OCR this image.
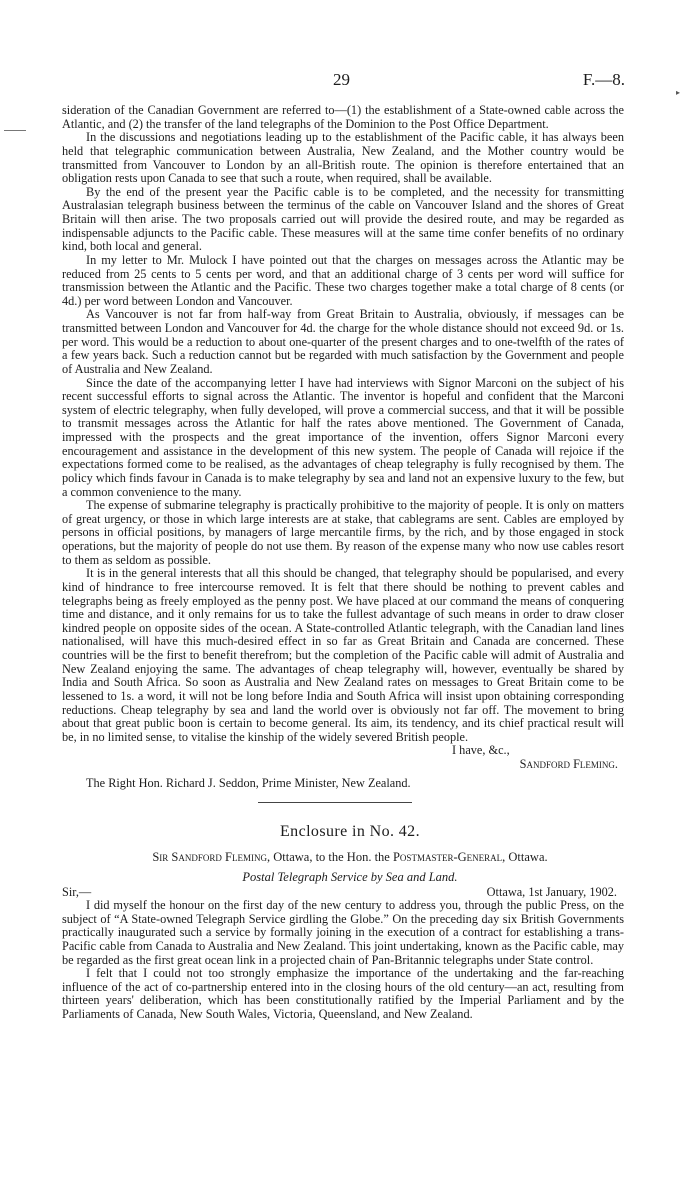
29	F.—8.
▸

sideration of the Canadian Government are referred to—(1) the establishment of a State-owned cable across the Atlantic, and (2) the transfer of the land telegraphs of the Dominion to the Post Office Department.

In the discussions and negotiations leading up to the establishment of the Pacific cable, it has always been held that telegraphic communication between Australia, New Zealand, and the Mother country would be transmitted from Vancouver to London by an all-British route. The opinion is therefore entertained that an obligation rests upon Canada to see that such a route, when required, shall be available.

By the end of the present year the Pacific cable is to be completed, and the necessity for transmitting Australasian telegraph business between the terminus of the cable on Vancouver Island and the shores of Great Britain will then arise. The two proposals carried out will provide the desired route, and may be regarded as indispensable adjuncts to the Pacific cable. These measures will at the same time confer benefits of no ordinary kind, both local and general.

In my letter to Mr. Mulock I have pointed out that the charges on messages across the Atlantic may be reduced from 25 cents to 5 cents per word, and that an additional charge of 3 cents per word will suffice for transmission between the Atlantic and the Pacific. These two charges together make a total charge of 8 cents (or 4d.) per word between London and Vancouver.

As Vancouver is not far from half-way from Great Britain to Australia, obviously, if messages can be transmitted between London and Vancouver for 4d. the charge for the whole distance should not exceed 9d. or 1s. per word. This would be a reduction to about one-quarter of the present charges and to one-twelfth of the rates of a few years back. Such a reduction cannot but be regarded with much satisfaction by the Government and people of Australia and New Zealand.

Since the date of the accompanying letter I have had interviews with Signor Marconi on the subject of his recent successful efforts to signal across the Atlantic. The inventor is hopeful and confident that the Marconi system of electric telegraphy, when fully developed, will prove a commercial success, and that it will be possible to transmit messages across the Atlantic for half the rates above mentioned. The Government of Canada, impressed with the prospects and the great importance of the invention, offers Signor Marconi every encouragement and assistance in the development of this new system. The people of Canada will rejoice if the expectations formed come to be realised, as the advantages of cheap telegraphy is fully recognised by them. The policy which finds favour in Canada is to make telegraphy by sea and land not an expensive luxury to the few, but a common convenience to the many.

The expense of submarine telegraphy is practically prohibitive to the majority of people. It is only on matters of great urgency, or those in which large interests are at stake, that cablegrams are sent. Cables are employed by persons in official positions, by managers of large mercantile firms, by the rich, and by those engaged in stock operations, but the majority of people do not use them. By reason of the expense many who now use cables resort to them as seldom as possible.

It is in the general interests that all this should be changed, that telegraphy should be popularised, and every kind of hindrance to free intercourse removed. It is felt that there should be nothing to prevent cables and telegraphs being as freely employed as the penny post. We have placed at our command the means of conquering time and distance, and it only remains for us to take the fullest advantage of such means in order to draw closer kindred people on opposite sides of the ocean. A State-controlled Atlantic telegraph, with the Canadian land lines nationalised, will have this much-desired effect in so far as Great Britain and Canada are concerned. These countries will be the first to benefit therefrom; but the completion of the Pacific cable will admit of Australia and New Zealand enjoying the same. The advantages of cheap telegraphy will, however, eventually be shared by India and South Africa. So soon as Australia and New Zealand rates on messages to Great Britain come to be lessened to 1s. a word, it will not be long before India and South Africa will insist upon obtaining corresponding reductions. Cheap telegraphy by sea and land the world over is obviously not far off. The movement to bring about that great public boon is certain to become general. Its aim, its tendency, and its chief practical result will be, in no limited sense, to vitalise the kinship of the widely severed British people.

I have, &c.,
Sandford Fleming.

The Right Hon. Richard J. Seddon, Prime Minister, New Zealand.

Enclosure in No. 42.
Sir Sandford Fleming, Ottawa, to the Hon. the Postmaster-General, Ottawa.
Postal Telegraph Service by Sea and Land.
Sir,—	Ottawa, 1st January, 1902.

I did myself the honour on the first day of the new century to address you, through the public Press, on the subject of “A State-owned Telegraph Service girdling the Globe.” On the preceding day six British Governments practically inaugurated such a service by formally joining in the execution of a contract for establishing a trans-Pacific cable from Canada to Australia and New Zealand. This joint undertaking, known as the Pacific cable, may be regarded as the first great ocean link in a projected chain of Pan-Britannic telegraphs under State control.

I felt that I could not too strongly emphasize the importance of the undertaking and the far-reaching influence of the act of co-partnership entered into in the closing hours of the old century—an act, resulting from thirteen years' deliberation, which has been constitutionally ratified by the Imperial Parliament and by the Parliaments of Canada, New South Wales, Victoria, Queensland, and New Zealand.
